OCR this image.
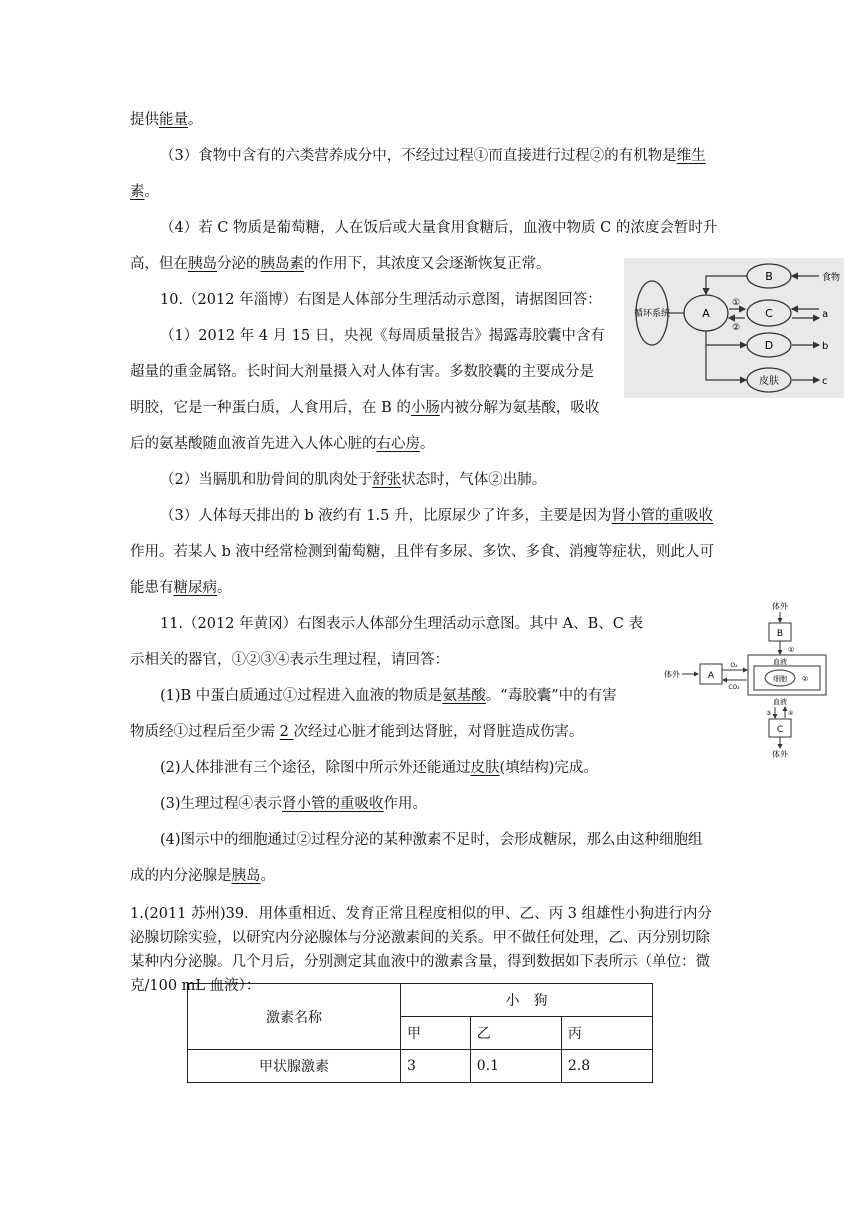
提供能量。
（3）食物中含有的六类营养成分中，不经过过程①而直接进行过程②的有机物是维生
素。
（4）若 C 物质是葡萄糖，人在饭后或大量食用食糖后，血液中物质 C 的浓度会暂时升
高，但在胰岛分泌的胰岛素的作用下，其浓度又会逐渐恢复正常。
10.（2012 年淄博）右图是人体部分生理活动示意图，请据图回答：
（1）2012 年 4 月 15 日，央视《每周质量报告》揭露毒胶囊中含有
超量的重金属铬。长时间大剂量摄入对人体有害。多数胶囊的主要成分是
明胶，它是一种蛋白质，人食用后，在 B 的小肠内被分解为氨基酸，吸收
后的氨基酸随血液首先进入人体心脏的右心房。
（2）当膈肌和肋骨间的肌肉处于舒张状态时，气体②出肺。
（3）人体每天排出的 b 液约有 1.5 升，比原尿少了许多，主要是因为肾小管的重吸收
作用。若某人 b 液中经常检测到葡萄糖，且伴有多尿、多饮、多食、消瘦等症状，则此人可
能患有糖尿病。
11.（2012 年黄冈）右图表示人体部分生理活动示意图。其中 A、B、C 表
示相关的器官，①②③④表示生理过程，请回答：
(1)B 中蛋白质通过①过程进入血液的物质是氨基酸。“毒胶囊”中的有害
物质经①过程后至少需 2 次经过心脏才能到达肾脏，对肾脏造成伤害。
(2)人体排泄有三个途径，除图中所示外还能通过皮肤(填结构)完成。
(3)生理过程④表示肾小管的重吸收作用。
(4)图示中的细胞通过②过程分泌的某种激素不足时，会形成糖尿，那么由这种细胞组
成的内分泌腺是胰岛。
1.(2011 苏州)39．用体重相近、发育正常且程度相似的甲、乙、丙 3 组雄性小狗进行内分
循环系统	A
B	食物
C
①
②
a
D	b
皮肤	c
体外
B
①
血液
细胞 ②
体外	A
O₂
CO₂
血液
③	④
C
体外
激素名称	小　狗		
	甲	乙	丙
甲状腺激素	3	0.1	2.8
泌腺切除实验，以研究内分泌腺体与分泌激素间的关系。甲不做任何处理，乙、丙分别切除
某种内分泌腺。几个月后，分别测定其血液中的激素含量，得到数据如下表所示（单位：微
克/100 mL 血液）：
